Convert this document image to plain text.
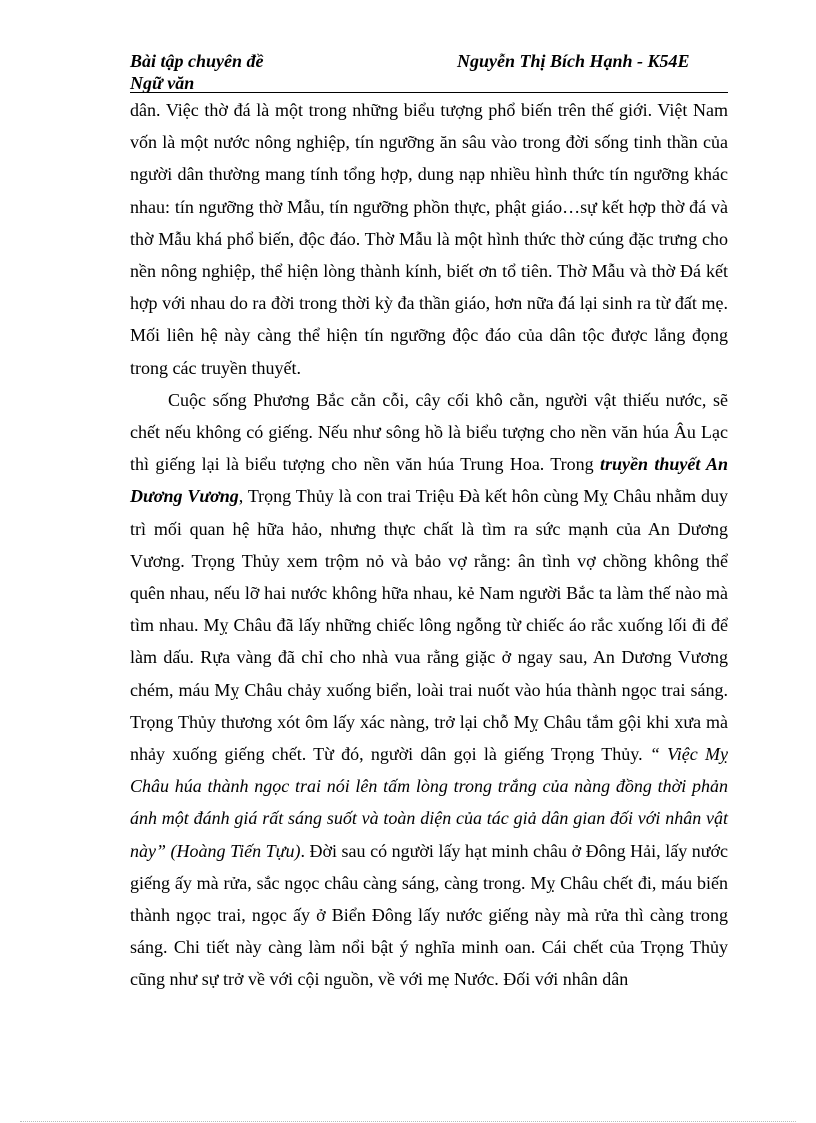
Bài tập chuyên đề
Ngữ văn
Nguyễn Thị Bích Hạnh - K54E

dân. Việc thờ đá là một trong những biểu tượng phổ biến trên thế giới. Việt Nam vốn là một nước nông nghiệp, tín ngưỡng ăn sâu vào trong đời sống tinh thần của người dân thường mang tính tổng hợp, dung nạp nhiều hình thức tín ngưỡng khác nhau: tín ngưỡng thờ Mẫu, tín ngưỡng phồn thực, phật giáo…sự kết hợp thờ đá và thờ Mẫu khá phổ biến, độc đáo. Thờ Mẫu là một hình thức thờ cúng đặc trưng cho nền nông nghiệp, thể hiện lòng thành kính, biết ơn tổ tiên. Thờ Mẫu và thờ Đá kết hợp với nhau do ra đời trong thời kỳ đa thần giáo, hơn nữa đá lại sinh ra từ đất mẹ. Mối liên hệ này càng thể hiện tín ngưỡng độc đáo của dân tộc được lắng đọng trong các truyền thuyết.

Cuộc sống Phương Bắc cằn cỗi, cây cối khô cằn, người vật thiếu nước, sẽ chết nếu không có giếng. Nếu như sông hồ là biểu tượng cho nền văn húa Âu Lạc thì giếng lại là biểu tượng cho nền văn húa Trung Hoa. Trong truyền thuyết An Dương Vương, Trọng Thủy là con trai Triệu Đà kết hôn cùng Mỵ Châu nhằm duy trì mối quan hệ hữa hảo, nhưng thực chất là tìm ra sức mạnh của An Dương Vương. Trọng Thủy xem trộm nỏ và bảo vợ rằng: ân tình vợ chồng không thể quên nhau, nếu lỡ hai nước không hữa nhau, kẻ Nam người Bắc ta làm thế nào mà tìm nhau. Mỵ Châu đã lấy những chiếc lông ngỗng từ chiếc áo rắc xuống lối đi để làm dấu. Rựa vàng đã chỉ cho nhà vua rằng giặc ở ngay sau, An Dương Vương chém, máu Mỵ Châu chảy xuống biển, loài trai nuốt vào húa thành ngọc trai sáng. Trọng Thủy thương xót ôm lấy xác nàng, trở lại chỗ Mỵ Châu tắm gội khi xưa mà nhảy xuống giếng chết. Từ đó, người dân gọi là giếng Trọng Thủy. “ Việc Mỵ Châu húa thành ngọc trai nói lên tấm lòng trong trắng của nàng đồng thời phản ánh một đánh giá rất sáng suốt và toàn diện của tác giả dân gian đối với nhân vật này” (Hoàng Tiến Tựu). Đời sau có người lấy hạt minh châu ở Đông Hải, lấy nước giếng ấy mà rửa, sắc ngọc châu càng sáng, càng trong. Mỵ Châu chết đi, máu biến thành ngọc trai, ngọc ấy ở Biển Đông lấy nước giếng này mà rửa thì càng trong sáng. Chi tiết này càng làm nổi bật ý nghĩa minh oan. Cái chết của Trọng Thủy cũng như sự trở về với cội nguồn, về với mẹ Nước. Đối với nhân dân
